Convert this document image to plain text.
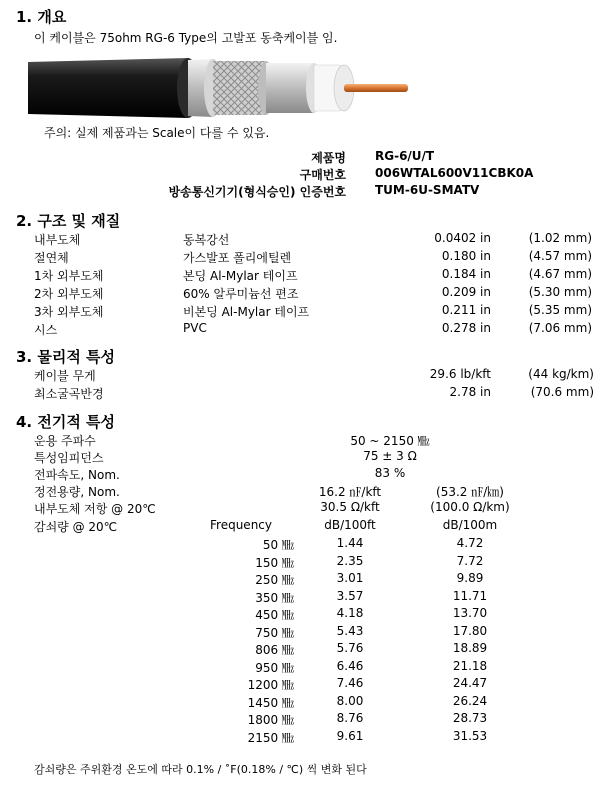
1. 개요
이 케이블은 75ohm RG-6 Type의 고발포 동축케이블 임.
주의: 실제 제품과는 Scale이 다를 수 있음.
제품명 RG-6/U/T
구매번호 006WTAL600V11CBK0A
방송통신기기(형식승인) 인증번호 TUM-6U-SMATV
2. 구조 및 재질
내부도체	동복강선	0.0402 in	(1.02 mm)
절연체	가스발포 폴리에틸렌	0.180 in	(4.57 mm)
1차 외부도체	본딩 Al-Mylar 테이프	0.184 in	(4.67 mm)
2차 외부도체	60% 알루미늄선 편조	0.209 in	(5.30 mm)
3차 외부도체	비본딩 Al-Mylar 테이프	0.211 in	(5.35 mm)
시스	PVC	0.278 in	(7.06 mm)
3. 물리적 특성
케이블 무게	29.6 lb/kft	(44 kg/km)
최소굴곡반경	2.78 in	(70.6 mm)
4. 전기적 특성
운용 주파수	50 ~ 2150 ㎒
특성임피던스	75 ± 3 Ω
전파속도, Nom.	83 %
정전용량, Nom.	16.2 ㎋/kft	(53.2 ㎋/㎞)
내부도체 저항 @ 20℃	30.5 Ω/kft	(100.0 Ω/km)
감쇠량 @ 20℃	Frequency	dB/100ft	dB/100m
50 ㎒	1.44	4.72
150 ㎒	2.35	7.72
250 ㎒	3.01	9.89
350 ㎒	3.57	11.71
450 ㎒	4.18	13.70
750 ㎒	5.43	17.80
806 ㎒	5.76	18.89
950 ㎒	6.46	21.18
1200 ㎒	7.46	24.47
1450 ㎒	8.00	26.24
1800 ㎒	8.76	28.73
2150 ㎒	9.61	31.53
감쇠량은 주위환경 온도에 따라 0.1% / ˚F(0.18% / ℃) 씩 변화 된다
